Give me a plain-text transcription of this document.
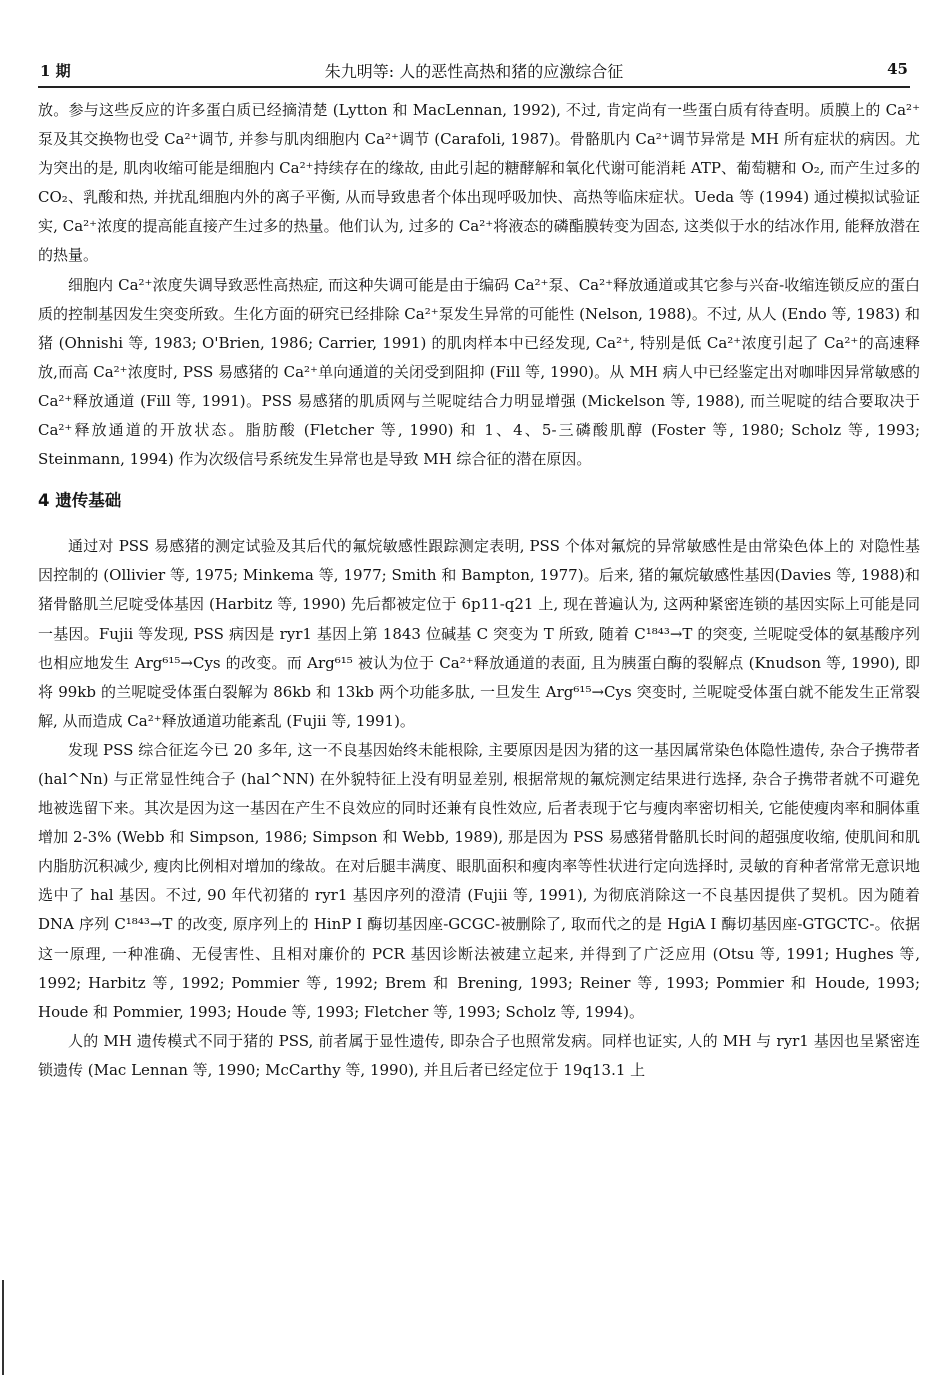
1 期	朱九明等: 人的恶性高热和猪的应激综合征	45

放。参与这些反应的许多蛋白质已经摘清楚 (Lytton 和 MacLennan, 1992), 不过, 肯定尚有一些蛋白质有待查明。质膜上的 Ca²⁺泵及其交换物也受 Ca²⁺调节, 并参与肌肉细胞内 Ca²⁺调节 (Carafoli, 1987)。骨骼肌内 Ca²⁺调节异常是 MH 所有症状的病因。尤为突出的是, 肌肉收缩可能是细胞内 Ca²⁺持续存在的缘故, 由此引起的糖酵解和氧化代谢可能消耗 ATP、葡萄糖和 O₂, 而产生过多的 CO₂、乳酸和热, 并扰乱细胞内外的离子平衡, 从而导致患者个体出现呼吸加快、高热等临床症状。Ueda 等 (1994) 通过模拟试验证实, Ca²⁺浓度的提高能直接产生过多的热量。他们认为, 过多的 Ca²⁺将液态的磷酯膜转变为固态, 这类似于水的结冰作用, 能释放潜在的热量。

细胞内 Ca²⁺浓度失调导致恶性高热症, 而这种失调可能是由于编码 Ca²⁺泵、Ca²⁺释放通道或其它参与兴奋-收缩连锁反应的蛋白质的控制基因发生突变所致。生化方面的研究已经排除 Ca²⁺泵发生异常的可能性 (Nelson, 1988)。不过, 从人 (Endo 等, 1983) 和猪 (Ohnishi 等, 1983; O'Brien, 1986; Carrier, 1991) 的肌肉样本中已经发现, Ca²⁺, 特别是低 Ca²⁺浓度引起了 Ca²⁺的高速释放,而高 Ca²⁺浓度时, PSS 易感猪的 Ca²⁺单向通道的关闭受到阻抑 (Fill 等, 1990)。从 MH 病人中已经鉴定出对咖啡因异常敏感的 Ca²⁺释放通道 (Fill 等, 1991)。PSS 易感猪的肌质网与兰呢啶结合力明显增强 (Mickelson 等, 1988), 而兰呢啶的结合要取决于 Ca²⁺释放通道的开放状态。脂肪酸 (Fletcher 等, 1990) 和 1、4、5-三磷酸肌醇 (Foster 等, 1980; Scholz 等, 1993; Steinmann, 1994) 作为次级信号系统发生异常也是导致 MH 综合征的潜在原因。

4 遗传基础

通过对 PSS 易感猪的测定试验及其后代的氟烷敏感性跟踪测定表明, PSS 个体对氟烷的异常敏感性是由常染色体上的 对隐性基因控制的 (Ollivier 等, 1975; Minkema 等, 1977; Smith 和 Bampton, 1977)。后来, 猪的氟烷敏感性基因(Davies 等, 1988)和猪骨骼肌兰尼啶受体基因 (Harbitz 等, 1990) 先后都被定位于 6p11-q21 上, 现在普遍认为, 这两种紧密连锁的基因实际上可能是同一基因。Fujii 等发现, PSS 病因是 ryr1 基因上第 1843 位碱基 C 突变为 T 所致, 随着 C¹⁸⁴³→T 的突变, 兰呢啶受体的氨基酸序列也相应地发生 Arg⁶¹⁵→Cys 的改变。而 Arg⁶¹⁵ 被认为位于 Ca²⁺释放通道的表面, 且为胰蛋白酶的裂解点 (Knudson 等, 1990), 即将 99kb 的兰呢啶受体蛋白裂解为 86kb 和 13kb 两个功能多肽, 一旦发生 Arg⁶¹⁵→Cys 突变时, 兰呢啶受体蛋白就不能发生正常裂解, 从而造成 Ca²⁺释放通道功能紊乱 (Fujii 等, 1991)。

发现 PSS 综合征迄今已 20 多年, 这一不良基因始终未能根除, 主要原因是因为猪的这一基因属常染色体隐性遗传, 杂合子携带者 (hal^Nn) 与正常显性纯合子 (hal^NN) 在外貌特征上没有明显差别, 根据常规的氟烷测定结果进行选择, 杂合子携带者就不可避免地被选留下来。其次是因为这一基因在产生不良效应的同时还兼有良性效应, 后者表现于它与瘦肉率密切相关, 它能使瘦肉率和胴体重增加 2-3% (Webb 和 Simpson, 1986; Simpson 和 Webb, 1989), 那是因为 PSS 易感猪骨骼肌长时间的超强度收缩, 使肌间和肌内脂肪沉积减少, 瘦肉比例相对增加的缘故。在对后腿丰满度、眼肌面积和瘦肉率等性状进行定向选择时, 灵敏的育种者常常无意识地选中了 hal 基因。不过, 90 年代初猪的 ryr1 基因序列的澄清 (Fujii 等, 1991), 为彻底消除这一不良基因提供了契机。因为随着 DNA 序列 C¹⁸⁴³→T 的改变, 原序列上的 HinP I 酶切基因座-GCGC-被删除了, 取而代之的是 HgiA I 酶切基因座-GTGCTC-。依据这一原理, 一种准确、无侵害性、且相对廉价的 PCR 基因诊断法被建立起来, 并得到了广泛应用 (Otsu 等, 1991; Hughes 等, 1992; Harbitz 等, 1992; Pommier 等, 1992; Brem 和 Brening, 1993; Reiner 等, 1993; Pommier 和 Houde, 1993; Houde 和 Pommier, 1993; Houde 等, 1993; Fletcher 等, 1993; Scholz 等, 1994)。

人的 MH 遗传模式不同于猪的 PSS, 前者属于显性遗传, 即杂合子也照常发病。同样也证实, 人的 MH 与 ryr1 基因也呈紧密连锁遗传 (Mac Lennan 等, 1990; McCarthy 等, 1990), 并且后者已经定位于 19q13.1 上
